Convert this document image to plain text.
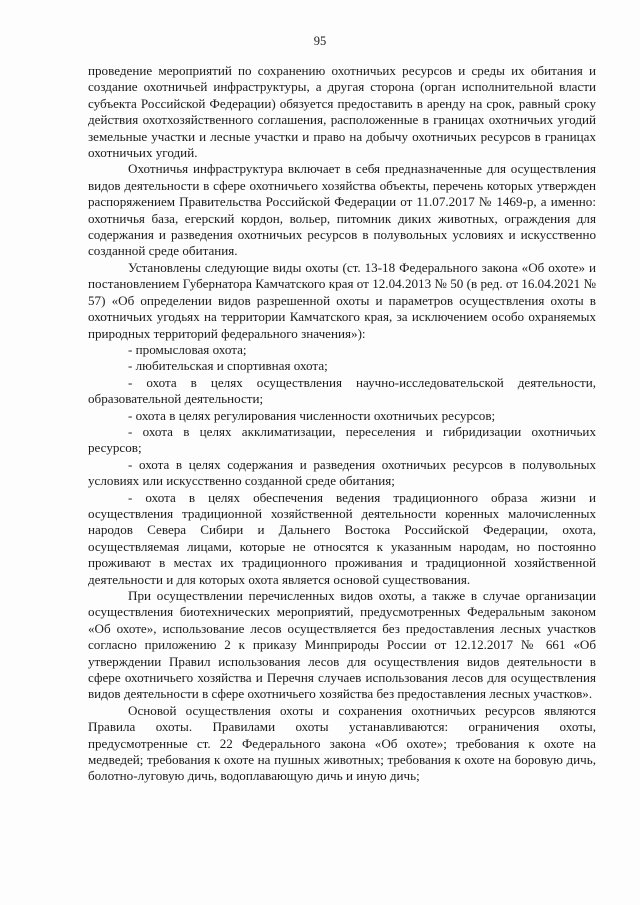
95

проведение мероприятий по сохранению охотничьих ресурсов и среды их обитания и создание охотничьей инфраструктуры, а другая сторона (орган исполнительной власти субъекта Российской Федерации) обязуется предоставить в аренду на срок, равный сроку действия охотхозяйственного соглашения, расположенные в границах охотничьих угодий земельные участки и лесные участки и право на добычу охотничьих ресурсов в границах охотничьих угодий.

Охотничья инфраструктура включает в себя предназначенные для осуществления видов деятельности в сфере охотничьего хозяйства объекты, перечень которых утвержден распоряжением Правительства Российской Федерации от 11.07.2017 № 1469-р, а именно: охотничья база, егерский кордон, вольер, питомник диких животных, ограждения для содержания и разведения охотничьих ресурсов в полувольных условиях и искусственно созданной среде обитания.

Установлены следующие виды охоты (ст. 13-18 Федерального закона «Об охоте» и постановлением Губернатора Камчатского края от 12.04.2013 № 50 (в ред. от 16.04.2021 № 57) «Об определении видов разрешенной охоты и параметров осуществления охоты в охотничьих угодьях на территории Камчатского края, за исключением особо охраняемых природных территорий федерального значения»):

- промысловая охота;

- любительская и спортивная охота;

- охота в целях осуществления научно-исследовательской деятельности, образовательной деятельности;

- охота в целях регулирования численности охотничьих ресурсов;

- охота в целях акклиматизации, переселения и гибридизации охотничьих ресурсов;

- охота в целях содержания и разведения охотничьих ресурсов в полувольных условиях или искусственно созданной среде обитания;

- охота в целях обеспечения ведения традиционного образа жизни и осуществления традиционной хозяйственной деятельности коренных малочисленных народов Севера Сибири и Дальнего Востока Российской Федерации, охота, осуществляемая лицами, которые не относятся к указанным народам, но постоянно проживают в местах их традиционного проживания и традиционной хозяйственной деятельности и для которых охота является основой существования.

При осуществлении перечисленных видов охоты, а также в случае организации осуществления биотехнических мероприятий, предусмотренных Федеральным законом «Об охоте», использование лесов осуществляется без предоставления лесных участков согласно приложению 2 к приказу Минприроды России от 12.12.2017 № 661 «Об утверждении Правил использования лесов для осуществления видов деятельности в сфере охотничьего хозяйства и Перечня случаев использования лесов для осуществления видов деятельности в сфере охотничьего хозяйства без предоставления лесных участков».

Основой осуществления охоты и сохранения охотничьих ресурсов являются Правила охоты. Правилами охоты устанавливаются: ограничения охоты, предусмотренные ст. 22 Федерального закона «Об охоте»; требования к охоте на медведей; требования к охоте на пушных животных; требования к охоте на боровую дичь, болотно-луговую дичь, водоплавающую дичь и иную дичь;
